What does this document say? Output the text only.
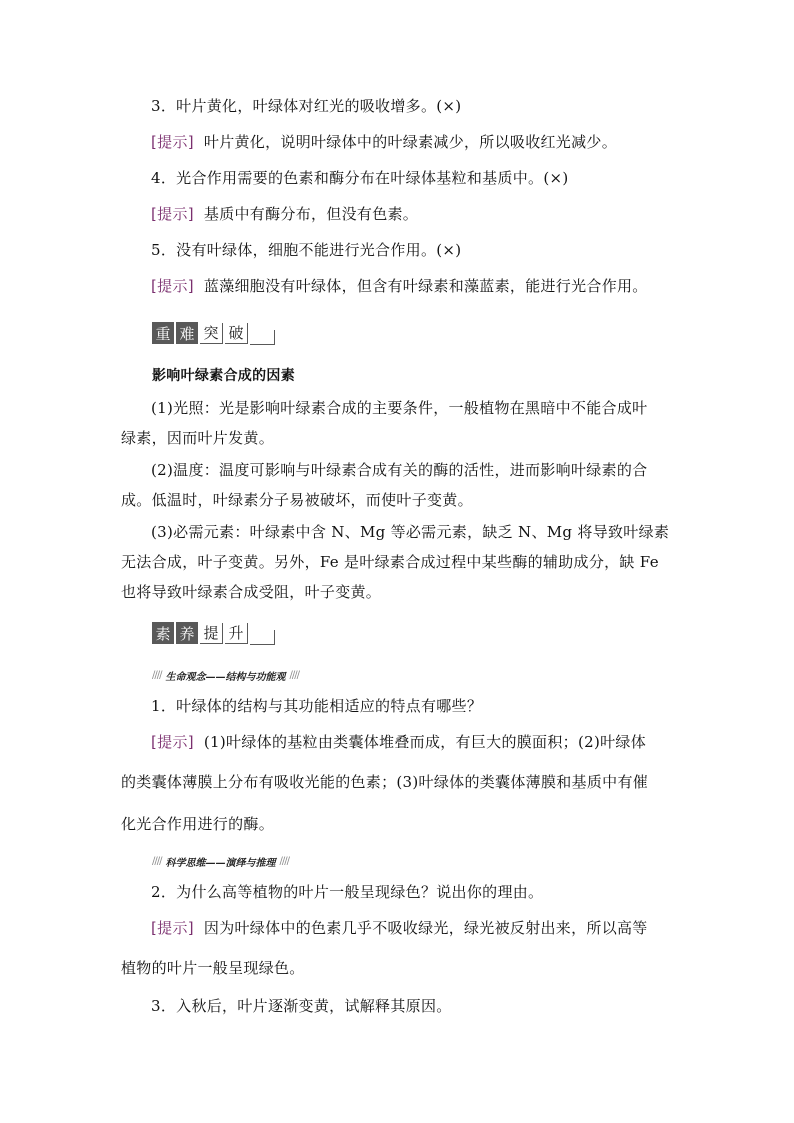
3．叶片黄化，叶绿体对红光的吸收增多。(×)
[提示] 叶片黄化，说明叶绿体中的叶绿素减少，所以吸收红光减少。
4．光合作用需要的色素和酶分布在叶绿体基粒和基质中。(×)
[提示] 基质中有酶分布，但没有色素。
5．没有叶绿体，细胞不能进行光合作用。(×)
[提示] 蓝藻细胞没有叶绿体，但含有叶绿素和藻蓝素，能进行光合作用。
重 难 突 破
影响叶绿素合成的因素
(1)光照：光是影响叶绿素合成的主要条件，一般植物在黑暗中不能合成叶
绿素，因而叶片发黄。
(2)温度：温度可影响与叶绿素合成有关的酶的活性，进而影响叶绿素的合
成。低温时，叶绿素分子易被破坏，而使叶子变黄。
(3)必需元素：叶绿素中含 N、Mg 等必需元素，缺乏 N、Mg 将导致叶绿素
无法合成，叶子变黄。另外，Fe 是叶绿素合成过程中某些酶的辅助成分，缺 Fe
也将导致叶绿素合成受阻，叶子变黄。
素 养 提 升
//// 生命观念——结构与功能观 ////
1．叶绿体的结构与其功能相适应的特点有哪些？
[提示] (1)叶绿体的基粒由类囊体堆叠而成，有巨大的膜面积；(2)叶绿体
的类囊体薄膜上分布有吸收光能的色素；(3)叶绿体的类囊体薄膜和基质中有催
化光合作用进行的酶。
//// 科学思维——演绎与推理 ////
2．为什么高等植物的叶片一般呈现绿色？说出你的理由。
[提示] 因为叶绿体中的色素几乎不吸收绿光，绿光被反射出来，所以高等
植物的叶片一般呈现绿色。
3．入秋后，叶片逐渐变黄，试解释其原因。
